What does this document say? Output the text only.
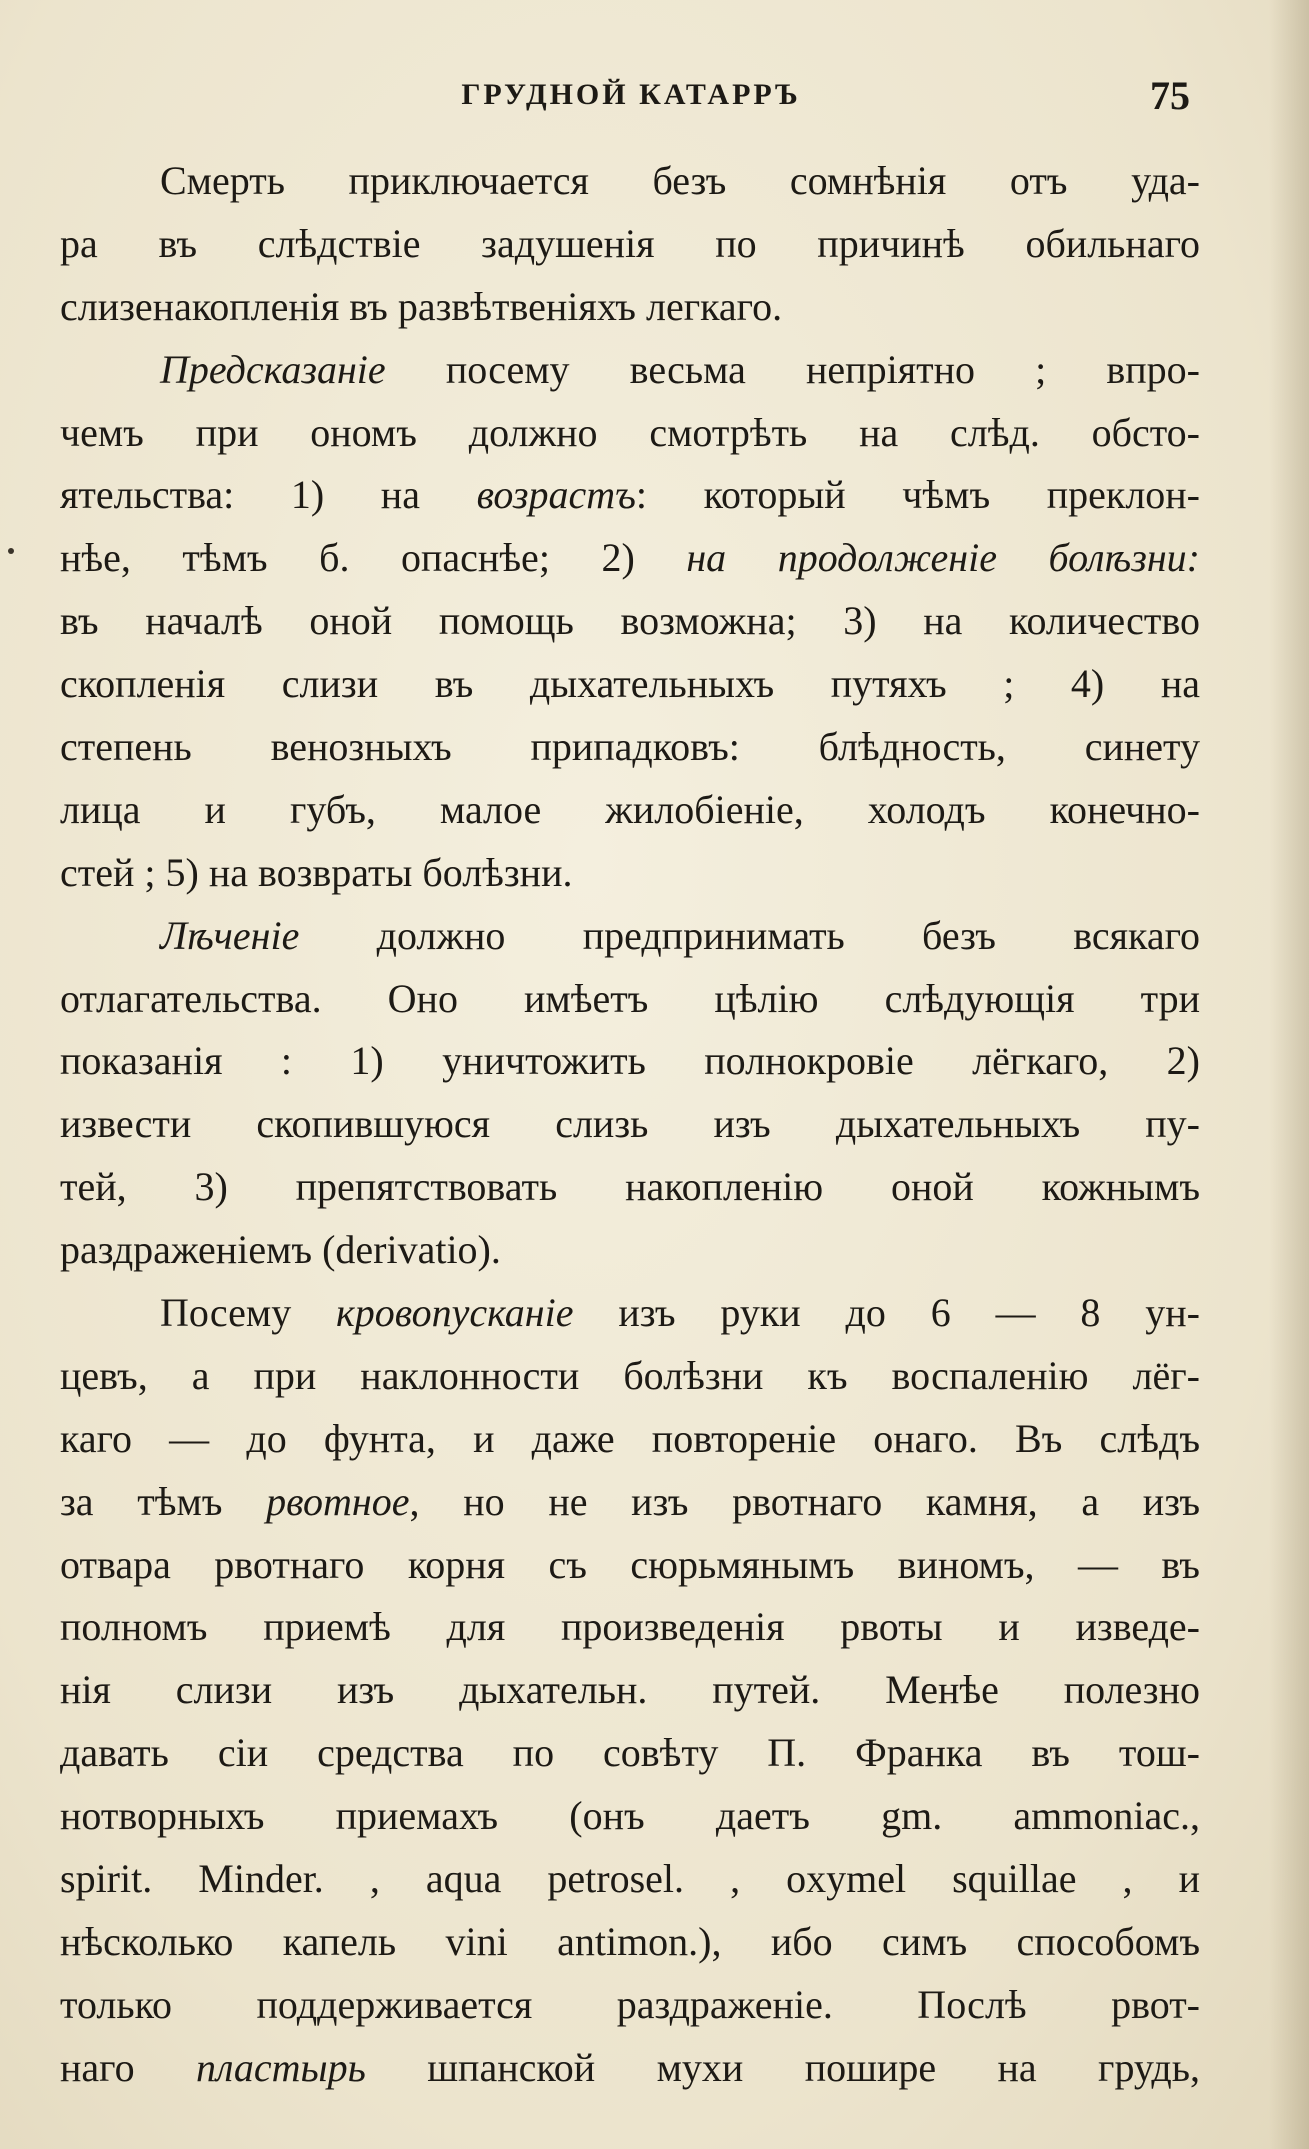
ГРУДНОЙ КАТАРРЪ	75
Смерть приключается безъ сомнѣнія отъ уда-
ра въ слѣдствіе задушенія по причинѣ обильнаго
слизенакопленія въ развѣтвеніяхъ легкаго.
Предсказаніе посему весьма непріятно ; впро-
чемъ при ономъ должно смотрѣть на слѣд. обсто-
ятельства: 1) на возрастъ: который чѣмъ преклон-
нѣе, тѣмъ б. опаснѣе; 2) на продолженіе болѣзни:
въ началѣ оной помощь возможна; 3) на количество
скопленія слизи въ дыхательныхъ путяхъ ; 4) на
степень венозныхъ припадковъ: блѣдность, синету
лица и губъ, малое жилобіеніе, холодъ конечно-
стей ; 5) на возвраты болѣзни.
Лѣченіе должно предпринимать безъ всякаго
отлагательства. Оно имѣетъ цѣлію слѣдующія три
показанія : 1) уничтожить полнокровіе лёгкаго, 2)
извести скопившуюся слизь изъ дыхательныхъ пу-
тей, 3) препятствовать накопленію оной кожнымъ
раздраженіемъ (derivatio).
Посему кровопусканіе изъ руки до 6 — 8 ун-
цевъ, а при наклонности болѣзни къ воспаленію лёг-
каго — до фунта, и даже повтореніе онаго. Въ слѣдъ
за тѣмъ рвотное, но не изъ рвотнаго камня, а изъ
отвара рвотнаго корня съ сюрьмянымъ виномъ, — въ
полномъ приемѣ для произведенія рвоты и изведе-
нія слизи изъ дыхательн. путей. Менѣе полезно
давать сіи средства по совѣту П. Франка въ тош-
нотворныхъ приемахъ (онъ даетъ gm. ammoniac.,
spirit. Minder. , aqua petrosel. , oxymel squillae , и
нѣсколько капель vini antimon.), ибо симъ способомъ
только поддерживается раздраженіе. Послѣ рвот-
наго пластырь шпанской мухи пошире на грудь,
